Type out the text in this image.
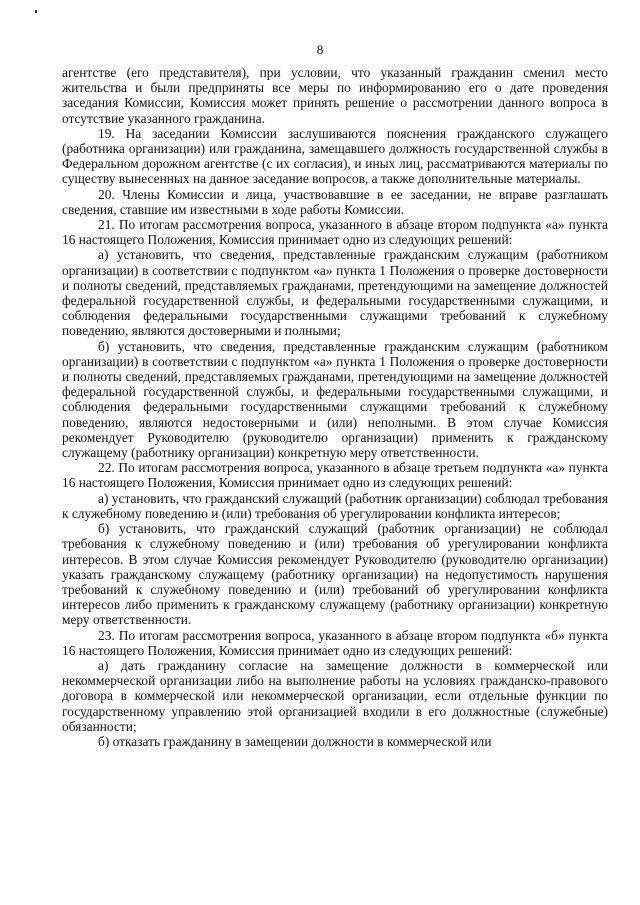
8

агентстве (его представителя), при условии, что указанный гражданин сменил место жительства и были предприняты все меры по информированию его о дате проведения заседания Комиссии, Комиссия может принять решение о рассмотрении данного вопроса в отсутствие указанного гражданина.

19. На заседании Комиссии заслушиваются пояснения гражданского служащего (работника организации) или гражданина, замещавшего должность государственной службы в Федеральном дорожном агентстве (с их согласия), и иных лиц, рассматриваются материалы по существу вынесенных на данное заседание вопросов, а также дополнительные материалы.

20. Члены Комиссии и лица, участвовавшие в ее заседании, не вправе разглашать сведения, ставшие им известными в ходе работы Комиссии.

21. По итогам рассмотрения вопроса, указанного в абзаце втором подпункта «а» пункта 16 настоящего Положения, Комиссия принимает одно из следующих решений:

а) установить, что сведения, представленные гражданским служащим (работником организации) в соответствии с подпунктом «а» пункта 1 Положения о проверке достоверности и полноты сведений, представляемых гражданами, претендующими на замещение должностей федеральной государственной службы, и федеральными государственными служащими, и соблюдения федеральными государственными служащими требований к служебному поведению, являются достоверными и полными;

б) установить, что сведения, представленные гражданским служащим (работником организации) в соответствии с подпунктом «а» пункта 1 Положения о проверке достоверности и полноты сведений, представляемых гражданами, претендующими на замещение должностей федеральной государственной службы, и федеральными государственными служащими, и соблюдения федеральными государственными служащими требований к служебному поведению, являются недостоверными и (или) неполными. В этом случае Комиссия рекомендует Руководителю (руководителю организации) применить к гражданскому служащему (работнику организации) конкретную меру ответственности.

22. По итогам рассмотрения вопроса, указанного в абзаце третьем подпункта «а» пункта 16 настоящего Положения, Комиссия принимает одно из следующих решений:

а) установить, что гражданский служащий (работник организации) соблюдал требования к служебному поведению и (или) требования об урегулировании конфликта интересов;

б) установить, что гражданский служащий (работник организации) не соблюдал требования к служебному поведению и (или) требования об урегулировании конфликта интересов. В этом случае Комиссия рекомендует Руководителю (руководителю организации) указать гражданскому служащему (работнику организации) на недопустимость нарушения требований к служебному поведению и (или) требований об урегулировании конфликта интересов либо применить к гражданскому служащему (работнику организации) конкретную меру ответственности.

23. По итогам рассмотрения вопроса, указанного в абзаце втором подпункта «б» пункта 16 настоящего Положения, Комиссия принимает одно из следующих решений:

а) дать гражданину согласие на замещение должности в коммерческой или некоммерческой организации либо на выполнение работы на условиях гражданско-правового договора в коммерческой или некоммерческой организации, если отдельные функции по государственному управлению этой организацией входили в его должностные (служебные) обязанности;

б) отказать гражданину в замещении должности в коммерческой или
